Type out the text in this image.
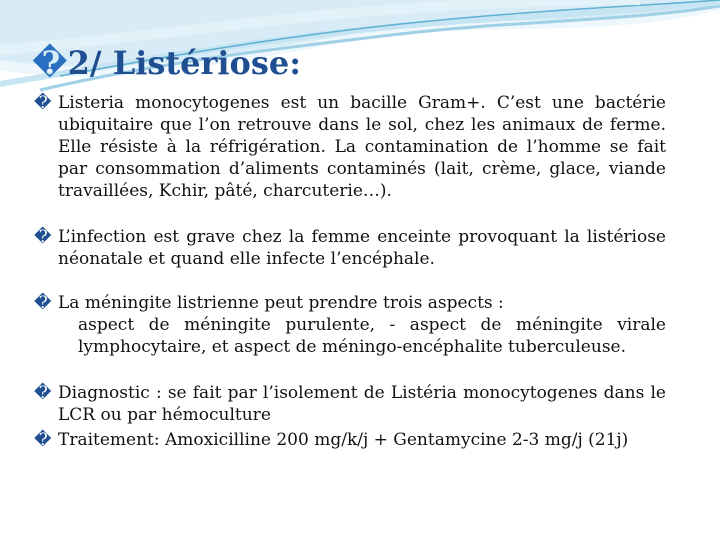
�2/ Listériose:
� Listeria monocytogenes est un bacille Gram+. C’est une bactérie ubiquitaire que l’on retrouve dans le sol, chez les animaux de ferme. Elle résiste à la réfrigération. La contamination de l’homme se fait par consommation d’aliments contaminés (lait, crème, glace, viande travaillées, Kchir, pâté, charcuterie…).
� L’infection est grave chez la femme enceinte provoquant la listériose néonatale et quand elle infecte l’encéphale.
� La méningite listrienne peut prendre trois aspects :
aspect de méningite purulente, - aspect de méningite virale lymphocytaire, et aspect de méningo-encéphalite tuberculeuse.
� Diagnostic : se fait par l’isolement de Listéria monocytogenes dans le LCR ou par hémoculture
� Traitement: Amoxicilline 200 mg/k/j + Gentamycine 2-3 mg/j (21j)
